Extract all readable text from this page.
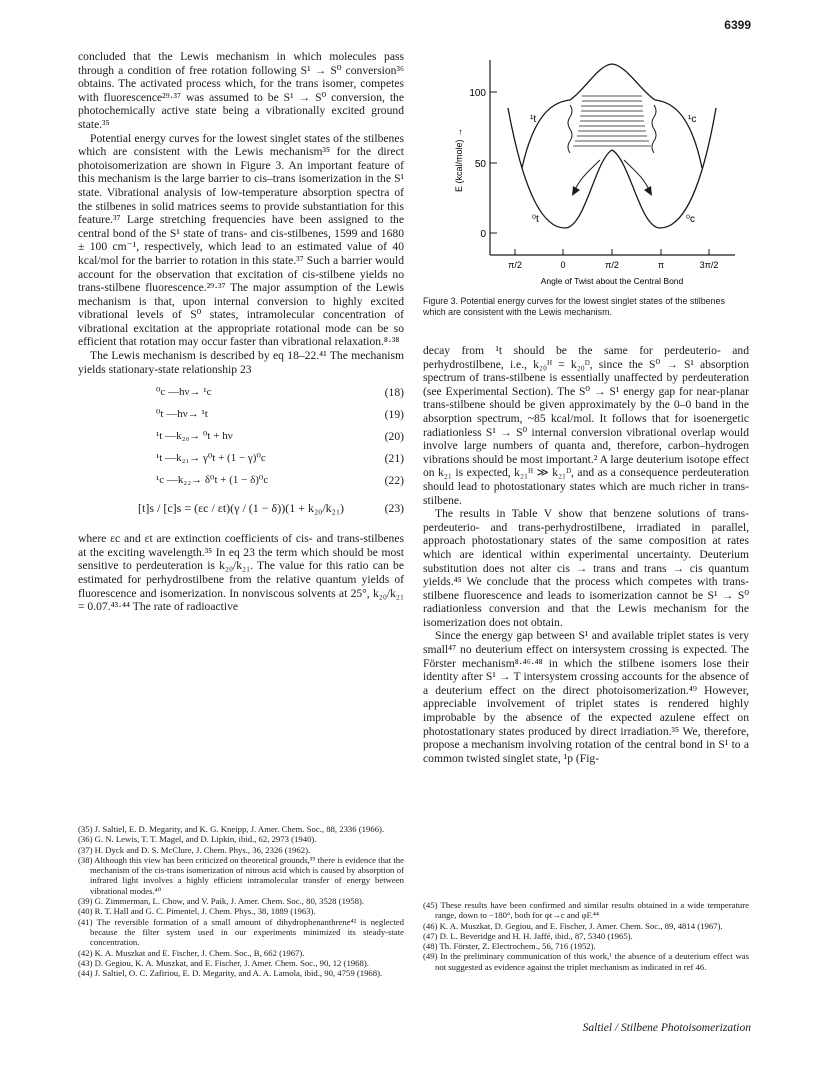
6399

concluded that the Lewis mechanism in which molecules pass through a condition of free rotation following S¹ → S⁰ conversion³⁶ obtains. The activated process which, for the trans isomer, competes with fluorescence²⁹·³⁷ was assumed to be S¹ → S⁰ conversion, the photochemically active state being a vibrationally excited ground state.³⁵

Potential energy curves for the lowest singlet states of the stilbenes which are consistent with the Lewis mechanism³⁵ for the direct photoisomerization are shown in Figure 3. An important feature of this mechanism is the large barrier to cis–trans isomerization in the S¹ state. Vibrational analysis of low-temperature absorption spectra of the stilbenes in solid matrices seems to provide substantiation for this feature.³⁷ Large stretching frequencies have been assigned to the central bond of the S¹ state of trans- and cis-stilbenes, 1599 and 1680 ± 100 cm⁻¹, respectively, which lead to an estimated value of 40 kcal/mol for the barrier to rotation in this state.³⁷ Such a barrier would account for the observation that excitation of cis-stilbene yields no trans-stilbene fluorescence.²⁹·³⁷ The major assumption of the Lewis mechanism is that, upon internal conversion to highly excited vibrational levels of S⁰ states, intramolecular concentration of vibrational excitation at the appropriate rotational mode can be so efficient that rotation may occur faster than vibrational relaxation.⁸·³⁸

The Lewis mechanism is described by eq 18–22.⁴¹ The mechanism yields stationary-state relationship 23

⁰c —hν→ ¹c	(18)
⁰t —hν→ ¹t	(19)
¹t —k₂₀→ ⁰t + hν	(20)
¹t —k₂₁→ γ⁰t + (1 − γ)⁰c	(21)
¹c —k₂₂→ δ⁰t + (1 − δ)⁰c	(22)
[t]s / [c]s = (εc / εt)(γ / (1 − δ))(1 + k₂₀/k₂₁)	(23)

where εc and εt are extinction coefficients of cis- and trans-stilbenes at the exciting wavelength.³⁵ In eq 23 the term which should be most sensitive to perdeuteration is k₂₀/k₂₁. The value for this ratio can be estimated for perhydrostilbene from the relative quantum yields of fluorescence and isomerization. In nonviscous solvents at 25°, k₂₀/k₂₁ = 0.07.⁴³·⁴⁴ The rate of radioactive

100
50
0
E (kcal/mole) →
π/2	0	π/2	π	3π/2
Angle of Twist about the Central Bond
¹t	¹c
⁰t	⁰c
Figure 3. Potential energy curves for the lowest singlet states of the stilbenes which are consistent with the Lewis mechanism.

decay from ¹t should be the same for perdeuterio- and perhydrostilbene, i.e., k₂₀ᴴ = k₂₀ᴰ, since the S⁰ → S¹ absorption spectrum of trans-stilbene is essentially unaffected by perdeuteration (see Experimental Section). The S⁰ → S¹ energy gap for near-planar trans-stilbene should be given approximately by the 0–0 band in the absorption spectrum, ~85 kcal/mol. It follows that for isoenergetic radiationless S¹ → S⁰ internal conversion vibrational overlap would involve large numbers of quanta and, therefore, carbon–hydrogen vibrations should be most important.² A large deuterium isotope effect on k₂₁ is expected, k₂₁ᴴ ≫ k₂₁ᴰ, and as a consequence perdeuteration should lead to photostationary states which are much richer in trans-stilbene.

The results in Table V show that benzene solutions of trans-perdeuterio- and trans-perhydrostilbene, irradiated in parallel, approach photostationary states of the same composition at rates which are identical within experimental uncertainty. Deuterium substitution does not alter cis → trans and trans → cis quantum yields.⁴⁵ We conclude that the process which competes with trans-stilbene fluorescence and leads to isomerization cannot be S¹ → S⁰ radiationless conversion and that the Lewis mechanism for the isomerization does not obtain.

Since the energy gap between S¹ and available triplet states is very small⁴⁷ no deuterium effect on intersystem crossing is expected. The Förster mechanism⁸·⁴⁶·⁴⁸ in which the stilbene isomers lose their identity after S¹ → T intersystem crossing accounts for the absence of a deuterium effect on the direct photoisomerization.⁴⁹ However, appreciable involvement of triplet states is rendered highly improbable by the absence of the expected azulene effect on photostationary states produced by direct irradiation.³⁵ We, therefore, propose a mechanism involving rotation of the central bond in S¹ to a common twisted singlet state, ¹p (Fig-

(35) J. Saltiel, E. D. Megarity, and K. G. Kneipp, J. Amer. Chem. Soc., 88, 2336 (1966).

(36) G. N. Lewis, T. T. Magel, and D. Lipkin, ibid., 62, 2973 (1940).

(37) H. Dyck and D. S. McClure, J. Chem. Phys., 36, 2326 (1962).

(38) Although this view has been criticized on theoretical grounds,³⁹ there is evidence that the mechanism of the cis-trans isomerization of nitrous acid which is caused by absorption of infrared light involves a highly efficient intramolecular transfer of energy between vibrational modes.⁴⁰

(39) G. Zimmerman, L. Chow, and V. Paik, J. Amer. Chem. Soc., 80, 3528 (1958).

(40) R. T. Hall and G. C. Pimentel, J. Chem. Phys., 38, 1889 (1963).

(41) The reversible formation of a small amount of dihydrophenanthrene⁴² is neglected because the filter system used in our experiments minimized its steady-state concentration.

(42) K. A. Muszkat and E. Fischer, J. Chem. Soc., B, 662 (1967).

(43) D. Gegiou, K. A. Muszkat, and E. Fischer, J. Amer. Chem. Soc., 90, 12 (1968).

(44) J. Saltiel, O. C. Zafiriou, E. D. Megarity, and A. A. Lamola, ibid., 90, 4759 (1968).

(45) These results have been confirmed and similar results obtained in a wide temperature range, down to −180°, both for φt→c and φF.⁴⁴

(46) K. A. Muszkat, D. Gegiou, and E. Fischer, J. Amer. Chem. Soc., 89, 4814 (1967).

(47) D. L. Beveridge and H. H. Jaffé, ibid., 87, 5340 (1965).

(48) Th. Förster, Z. Electrochem., 56, 716 (1952).

(49) In the preliminary communication of this work,¹ the absence of a deuterium effect was not suggested as evidence against the triplet mechanism as indicated in ref 46.

Saltiel / Stilbene Photoisomerization
